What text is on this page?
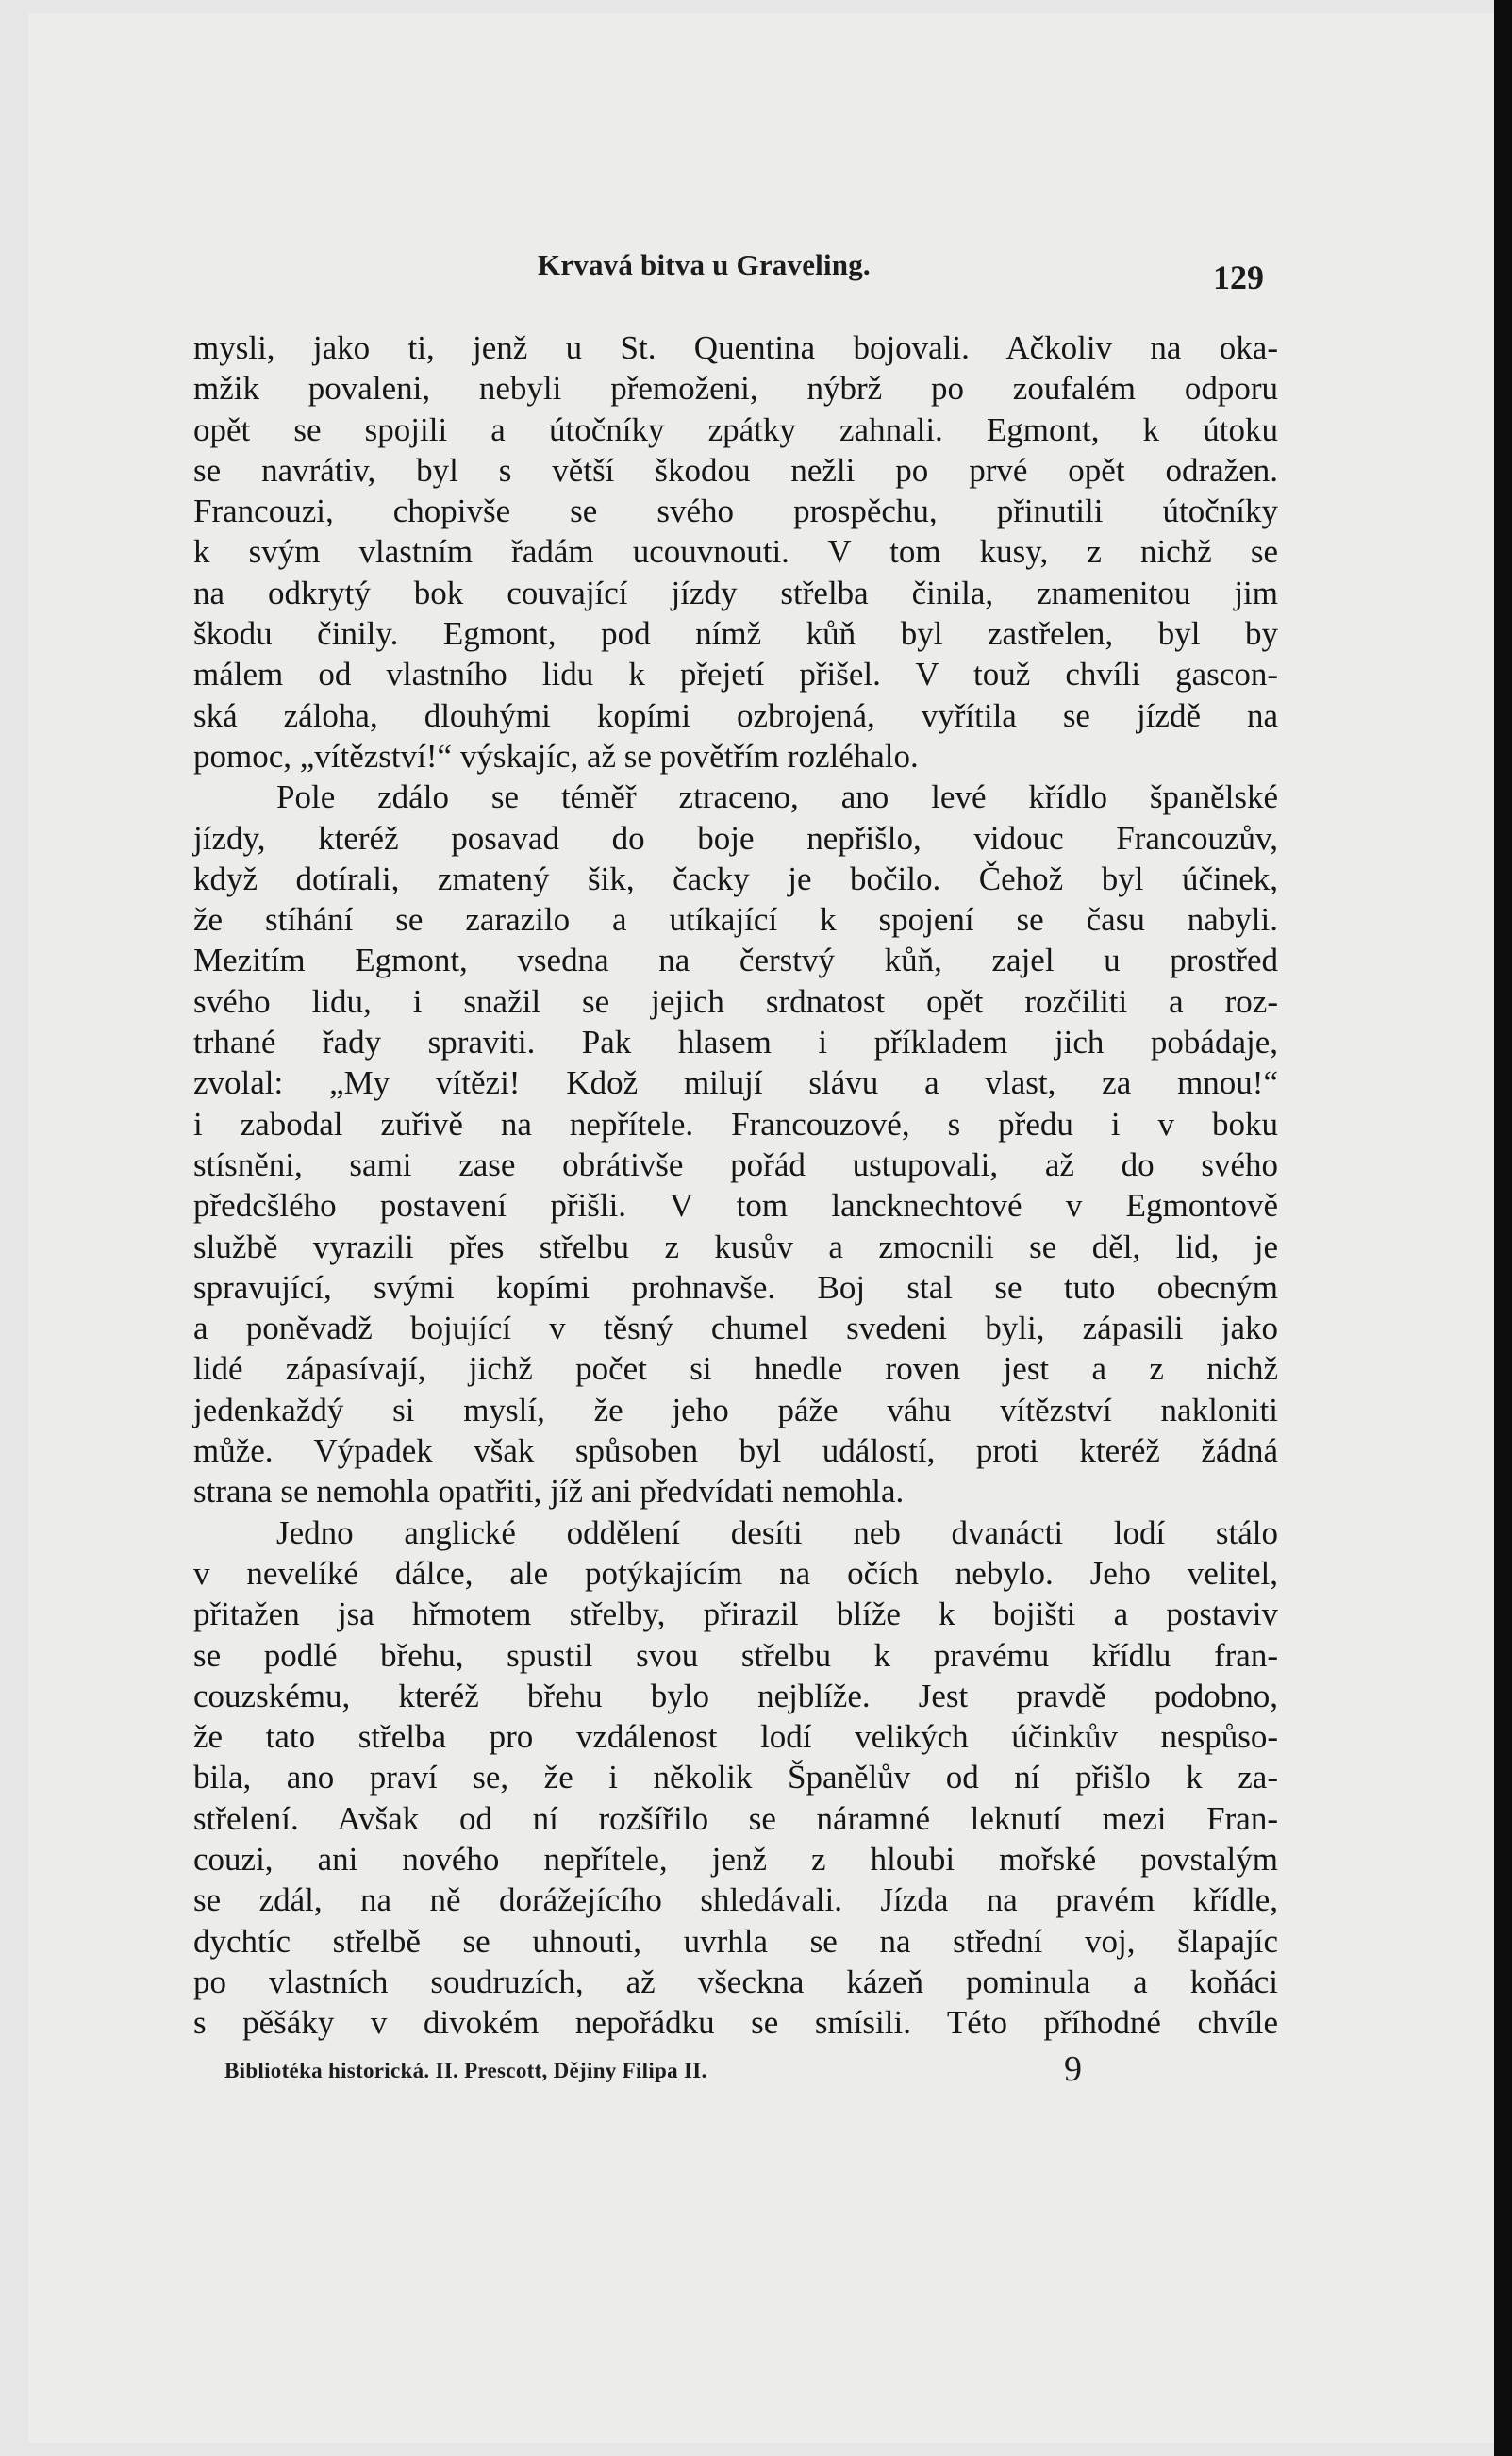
Krvavá bitva u Graveling.	129
mysli, jako ti, jenž u St. Quentina bojovali. Ačkoliv na oka-
mžik povaleni, nebyli přemoženi, nýbrž po zoufalém odporu
opět se spojili a útočníky zpátky zahnali. Egmont, k útoku
se navrátiv, byl s větší škodou nežli po prvé opět odražen.
Francouzi, chopivše se svého prospěchu, přinutili útočníky
k svým vlastním řadám ucouvnouti. V tom kusy, z nichž se
na odkrytý bok couvající jízdy střelba činila, znamenitou jim
škodu činily. Egmont, pod nímž kůň byl zastřelen, byl by
málem od vlastního lidu k přejetí přišel. V touž chvíli gascon-
ská záloha, dlouhými kopími ozbrojená, vyřítila se jízdě na
pomoc, „vítězství!“ výskajíc, až se povětřím rozléhalo.
Pole zdálo se téměř ztraceno, ano levé křídlo španělské
jízdy, kteréž posavad do boje nepřišlo, vidouc Francouzův,
když dotírali, zmatený šik, čacky je bočilo. Čehož byl účinek,
že stíhání se zarazilo a utíkající k spojení se času nabyli.
Mezitím Egmont, vsedna na čerstvý kůň, zajel u prostřed
svého lidu, i snažil se jejich srdnatost opět rozčiliti a roz-
trhané řady spraviti. Pak hlasem i příkladem jich pobádaje,
zvolal: „My vítězi! Kdož milují slávu a vlast, za mnou!“
i zabodal zuřivě na nepřítele. Francouzové, s předu i v boku
stísněni, sami zase obrátivše pořád ustupovali, až do svého
předcšlého postavení přišli. V tom lancknechtové v Egmontově
službě vyrazili přes střelbu z kusův a zmocnili se děl, lid, je
spravující, svými kopími prohnavše. Boj stal se tuto obecným
a poněvadž bojující v těsný chumel svedeni byli, zápasili jako
lidé zápasívají, jichž počet si hnedle roven jest a z nichž
jedenkaždý si myslí, že jeho páže váhu vítězství nakloniti
může. Výpadek však spůsoben byl událostí, proti kteréž žádná
strana se nemohla opatřiti, jíž ani předvídati nemohla.
Jedno anglické oddělení desíti neb dvanácti lodí stálo
v nevelíké dálce, ale potýkajícím na očích nebylo. Jeho velitel,
přitažen jsa hřmotem střelby, přirazil blíže k bojišti a postaviv
se podlé břehu, spustil svou střelbu k pravému křídlu fran-
couzskému, kteréž břehu bylo nejblíže. Jest pravdě podobno,
že tato střelba pro vzdálenost lodí velikých účinkův nespůso-
bila, ano praví se, že i několik Španělův od ní přišlo k za-
střelení. Avšak od ní rozšířilo se náramné leknutí mezi Fran-
couzi, ani nového nepřítele, jenž z hloubi mořské povstalým
se zdál, na ně dorážejícího shledávali. Jízda na pravém křídle,
dychtíc střelbě se uhnouti, uvrhla se na střední voj, šlapajíc
po vlastních soudruzích, až všeckna kázeň pominula a koňáci
s pěšáky v divokém nepořádku se smísili. Této příhodné chvíle
Bibliotéka historická. II. Prescott, Dějiny Filipa II.	9
